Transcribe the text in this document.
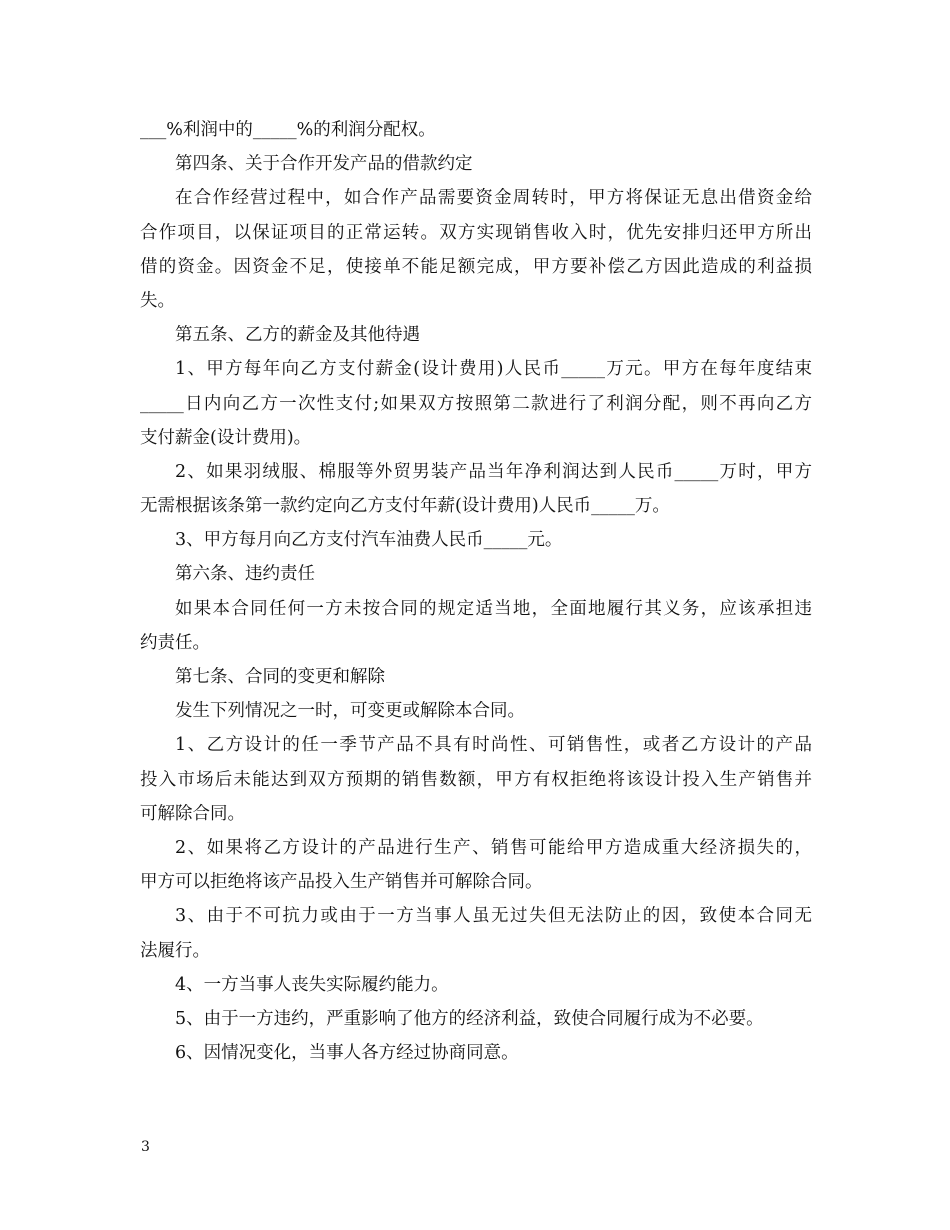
___%利润中的_____%的利润分配权。
第四条、关于合作开发产品的借款约定
在合作经营过程中，如合作产品需要资金周转时，甲方将保证无息出借资金给
合作项目，以保证项目的正常运转。双方实现销售收入时，优先安排归还甲方所出
借的资金。因资金不足，使接单不能足额完成，甲方要补偿乙方因此造成的利益损
失。
第五条、乙方的薪金及其他待遇
1、甲方每年向乙方支付薪金(设计费用)人民币_____万元。甲方在每年度结束
_____日内向乙方一次性支付;如果双方按照第二款进行了利润分配，则不再向乙方
支付薪金(设计费用)。
2、如果羽绒服、棉服等外贸男装产品当年净利润达到人民币_____万时，甲方
无需根据该条第一款约定向乙方支付年薪(设计费用)人民币_____万。
3、甲方每月向乙方支付汽车油费人民币_____元。
第六条、违约责任
如果本合同任何一方未按合同的规定适当地，全面地履行其义务，应该承担违
约责任。
第七条、合同的变更和解除
发生下列情况之一时，可变更或解除本合同。
1、乙方设计的任一季节产品不具有时尚性、可销售性，或者乙方设计的产品
投入市场后未能达到双方预期的销售数额，甲方有权拒绝将该设计投入生产销售并
可解除合同。
2、如果将乙方设计的产品进行生产、销售可能给甲方造成重大经济损失的，
甲方可以拒绝将该产品投入生产销售并可解除合同。
3、由于不可抗力或由于一方当事人虽无过失但无法防止的因，致使本合同无
法履行。
4、一方当事人丧失实际履约能力。
5、由于一方违约，严重影响了他方的经济利益，致使合同履行成为不必要。
6、因情况变化，当事人各方经过协商同意。
3
